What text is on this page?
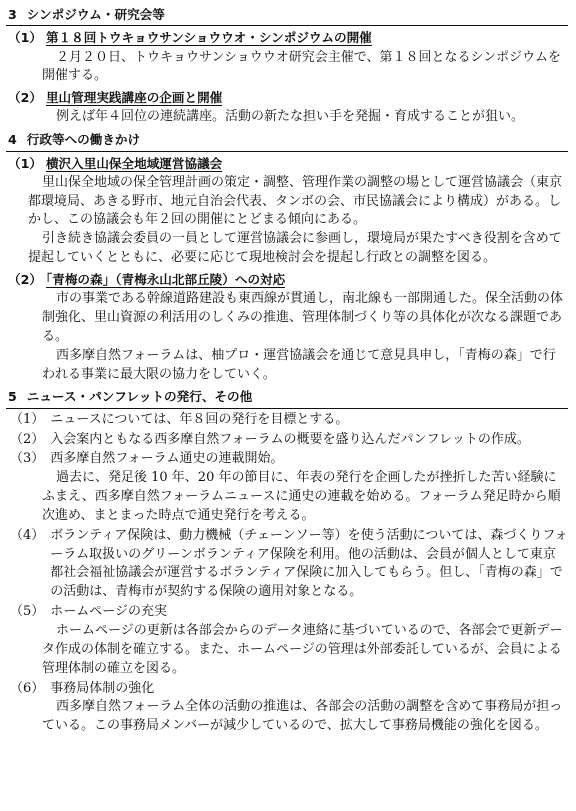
3 シンポジウム・研究会等
（1） 第１８回トウキョウサンショウウオ・シンポジウムの開催

２月２０日、トウキョウサンショウウオ研究会主催で、第１８回となるシンポジウムを開催する。

（2） 里山管理実践講座の企画と開催

例えば年４回位の連続講座。活動の新たな担い手を発掘・育成することが狙い。

4 行政等への働きかけ
（1） 横沢入里山保全地域運営協議会

里山保全地域の保全管理計画の策定・調整、管理作業の調整の場として運営協議会（東京都環境局、あきる野市、地元自治会代表、タンボの会、市民協議会により構成）がある。しかし、この協議会も年２回の開催にとどまる傾向にある。

引き続き協議会委員の一員として運営協議会に参画し，環境局が果たすべき役割を含めて提起していくとともに、必要に応じて現地検討会を提起し行政との調整を図る。

（2） 「青梅の森」（青梅永山北部丘陵）への対応

市の事業である幹線道路建設も東西線が貫通し，南北線も一部開通した。保全活動の体制強化、里山資源の利活用のしくみの推進、管理体制づくり等の具体化が次なる課題である。

西多摩自然フォーラムは、柚プロ・運営協議会を通じて意見具申し，「青梅の森」で行われる事業に最大限の協力をしていく。

5 ニュース・パンフレットの発行、その他
（1） ニュースについては、年８回の発行を目標とする。
（2） 入会案内ともなる西多摩自然フォーラムの概要を盛り込んだパンフレットの作成。
（3） 西多摩自然フォーラム通史の連載開始。

過去に、発足後 10 年、20 年の節目に、年表の発行を企画したが挫折した苦い経験にふまえ、西多摩自然フォーラムニュースに通史の連載を始める。フォーラム発足時から順次進め、まとまった時点で通史発行を考える。

（4） ボランティア保険は、動力機械（チェーンソー等）を使う活動については、森づくりフォーラム取扱いのグリーンボランティア保険を利用。他の活動は、会員が個人として東京都社会福祉協議会が運営するボランティア保険に加入してもらう。但し、「青梅の森」での活動は、青梅市が契約する保険の適用対象となる。
（5） ホームページの充実

ホームページの更新は各部会からのデータ連絡に基づいているので、各部会で更新データ作成の体制を確立する。また、ホームページの管理は外部委託しているが、会員による管理体制の確立を図る。

（6） 事務局体制の強化

西多摩自然フォーラム全体の活動の推進は、各部会の活動の調整を含めて事務局が担っている。この事務局メンバーが減少しているので、拡大して事務局機能の強化を図る。
